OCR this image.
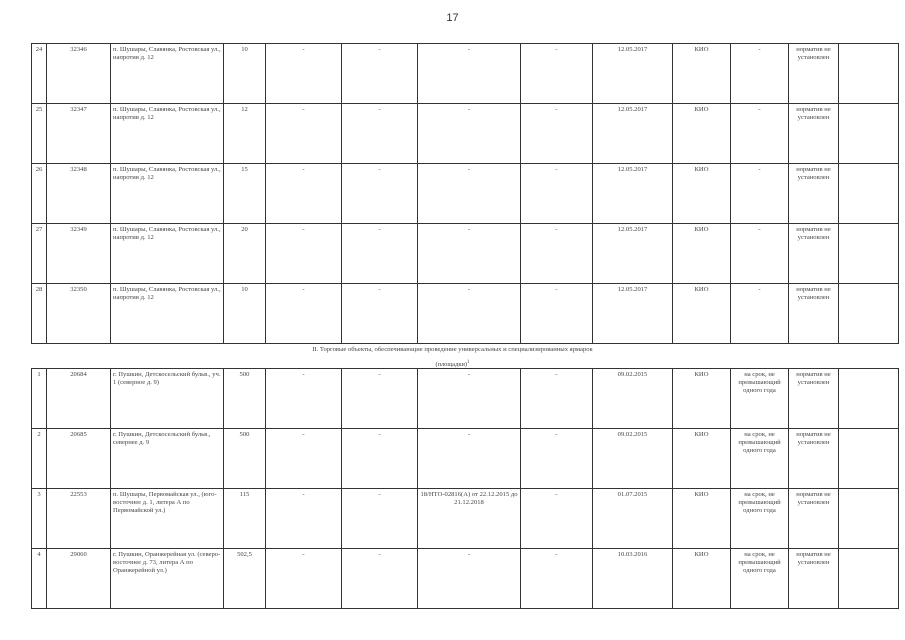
17
24	32346	п. Шушары, Славянка, Ростовская ул., напротив д. 12	10	-	-	-	-	12.05.2017	КИО	-	норматив не установлен	
25	32347	п. Шушары, Славянка, Ростовская ул., напротив д. 12	12	-	-	-	-	12.05.2017	КИО	-	норматив не установлен	
26	32348	п. Шушары, Славянка, Ростовская ул., напротив д. 12	15	-	-	-	-	12.05.2017	КИО	-	норматив не установлен	
27	32349	п. Шушары, Славянка, Ростовская ул., напротив д. 12	20	-	-	-	-	12.05.2017	КИО	-	норматив не установлен	
28	32350	п. Шушары, Славянка, Ростовская ул., напротив д. 12	10	-	-	-	-	12.05.2017	КИО	-	норматив не установлен	
II. Торговые объекты, обеспечивающие проведение универсальных и специализированных ярмарок
(площадки)$^1$
1	20684	г. Пушкин, Детскосельский бульв., уч. 1 (северное д. 9)	500	-	-	-	-	09.02.2015	КИО	на срок, не превышающий одного года	норматив не установлен	
2	20685	г. Пушкин, Детскосельский бульв., севернее д. 9	500	-	-	-	-	09.02.2015	КИО	на срок, не превышающий одного года	норматив не установлен	
3	22553	п. Шушары, Первомайская ул., (юго-восточнее д. 1, литера А по Первомайской ул.)	115	-	-	18/НТО-02816(А) от 22.12.2015 до 21.12.2018	-	01.07.2015	КИО	на срок, не превышающий одного года	норматив не установлен	
4	29060	г. Пушкин, Оранжерейная ул. (северо-восточнее д. 73, литера А по Оранжерейной ул.)	502,5	-	-	-	-	10.03.2016	КИО	на срок, не превышающий одного года	норматив не установлен	
